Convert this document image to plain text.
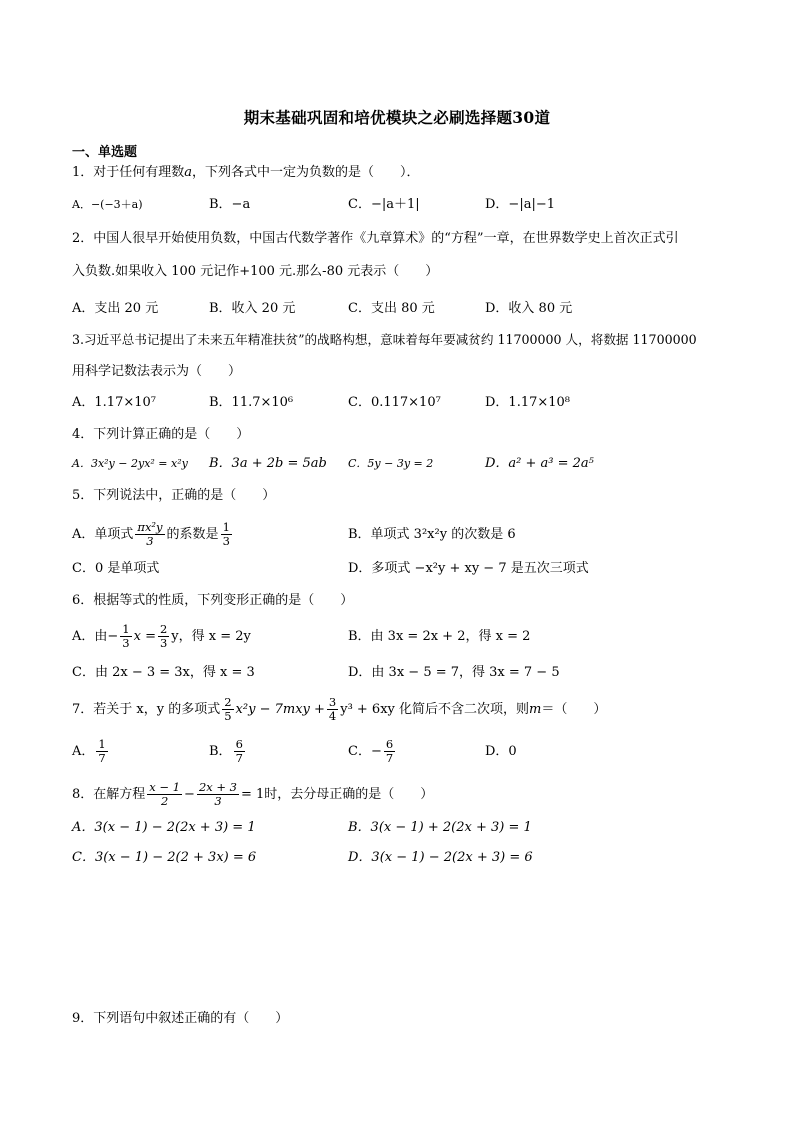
期末基础巩固和培优模块之必刷选择题30道
一、单选题
1．对于任何有理数a，下列各式中一定为负数的是（　　）．
A．−(−3＋a)	B．−a	C．−|a＋1|	D．−|a|−1
2．中国人很早开始使用负数，中国古代数学著作《九章算术》的“方程”一章，在世界数学史上首次正式引
入负数.如果收入 100 元记作+100 元.那么-80 元表示（　　）
A．支出 20 元	B．收入 20 元	C．支出 80 元	D．收入 80 元
3.习近平总书记提出了未来五年精准扶贫”的战略构想，意味着每年要减贫约 11700000 人，将数据 11700000
用科学记数法表示为（　　）
A．1.17×10⁷	B．11.7×10⁶	C．0.117×10⁷	D．1.17×10⁸
4．下列计算正确的是（　　）
A．3x²y − 2yx² = x²y B．3a + 2b = 5ab C．5y − 3y = 2	D．a² + a³ = 2a⁵
5．下列说法中，正确的是（　　）
A．单项式 $\frac{\text{πx²y}}{3}$ 的系数是 $\frac{1}{3}$	B．单项式 3²x²y 的次数是 6
C．0 是单项式	D．多项式 −x²y + xy − 7 是五次三项式
6．根据等式的性质，下列变形正确的是（　　）
A．由− $\frac{1}{3}$ $x = \frac{2}{3}$ y，得 x = 2y	B．由 3x = 2x + 2，得 x = 2
C．由 2x − 3 = 3x，得 x = 3	D．由 3x − 5 = 7，得 3x = 7 − 5
7．若关于 x，y 的多项式 $\frac{2}{5} x^2y - 7mxy + \frac{3}{4} y^3 + 6xy$ 化简后不含二次项，则m＝（　　）
A． $\frac{1}{7}$	B． $\frac{6}{7}$	C．− $\frac{6}{7}$	D．0
8．在解方程 $\frac{x - 1}{2} - \frac{2x + 3}{3} = 1$时，去分母正确的是（　　）
A．3(x − 1) − 2(2x + 3) = 1	B．3(x − 1) + 2(2x + 3) = 1
C．3(x − 1) − 2(2 + 3x) = 6	D．3(x − 1) − 2(2x + 3) = 6
9．下列语句中叙述正确的有（　　）
